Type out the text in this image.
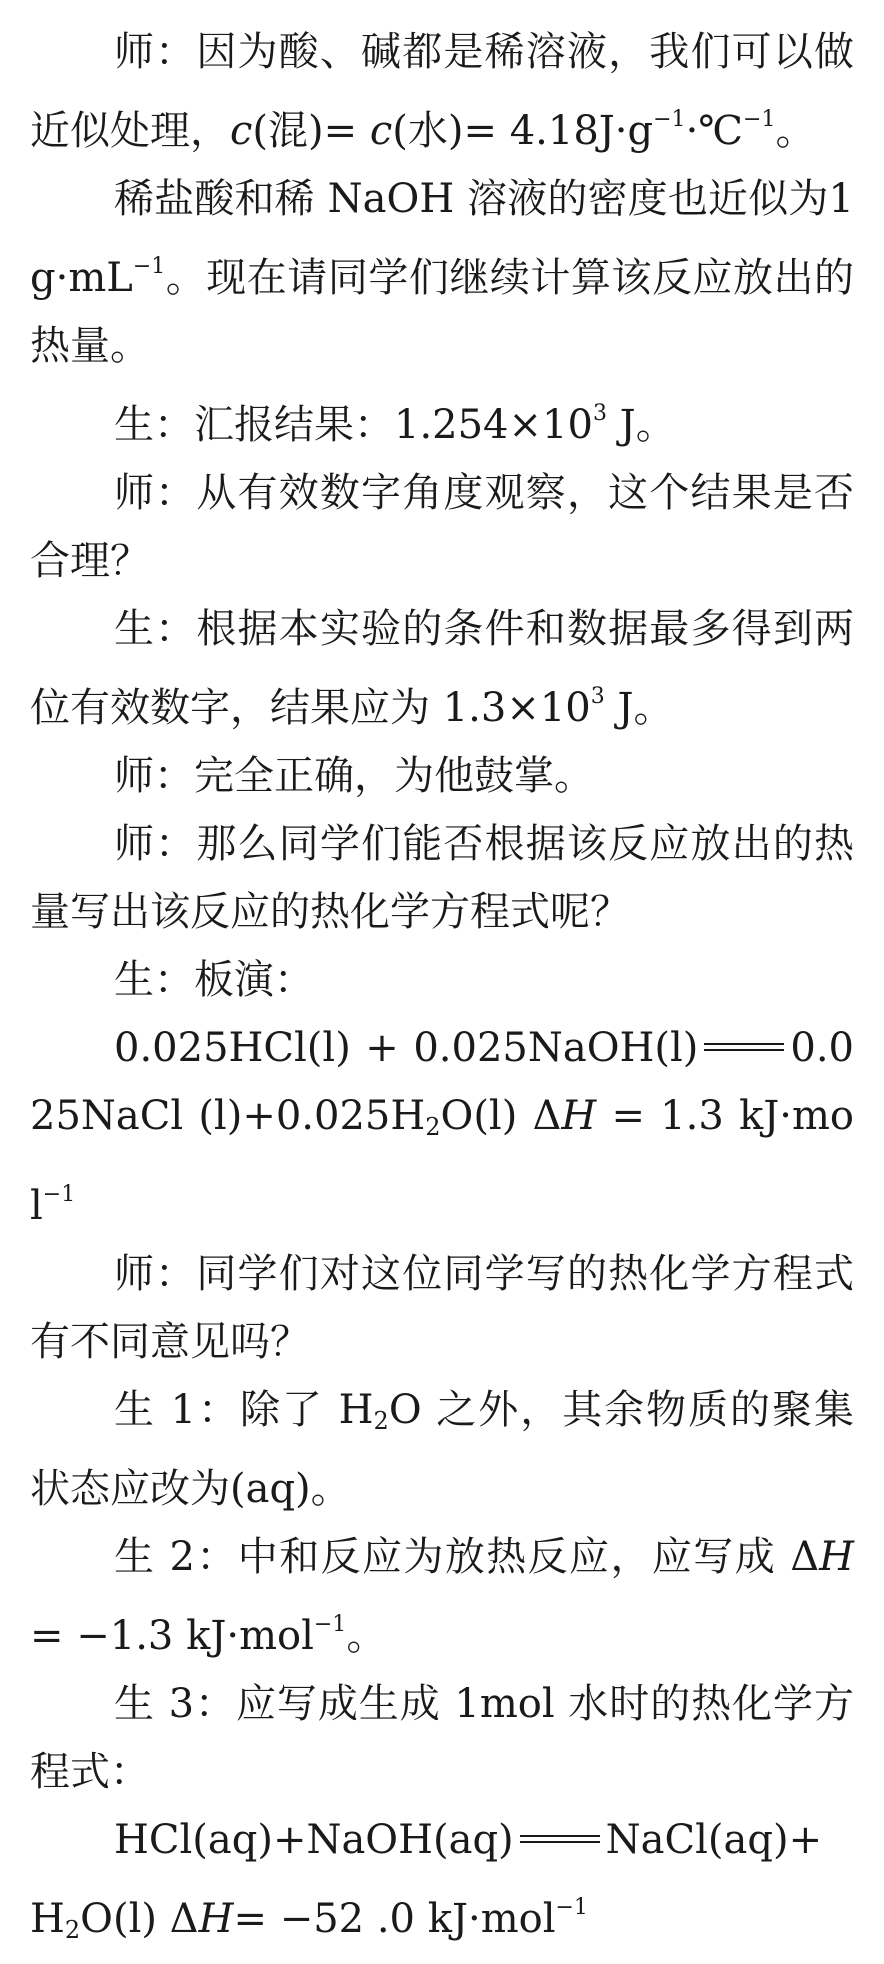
师：因为酸、碱都是稀溶液，我们可以做近似处理，c(混)= c(水)= $4.18J\cdot g^{-1}\cdot℃^{-1}$。

稀盐酸和稀 NaOH 溶液的密度也近似为$1g\cdot mL^{-1}$。现在请同学们继续计算该反应放出的热量。

生：汇报结果：$1.254\times 10^3$ J。

师：从有效数字角度观察，这个结果是否合理？

生：根据本实验的条件和数据最多得到两位有效数字，结果应为 $1.3\times 10^3$ J。

师：完全正确，为他鼓掌。

师：那么同学们能否根据该反应放出的热量写出该反应的热化学方程式呢？

生：板演：

0.025HCl(l) + 0.025NaOH(l) 0.025NaCl $(l)+0.025H_2O(l) \Delta H = 1.3$ kJ·mol$^{-1}$

师：同学们对这位同学写的热化学方程式有不同意见吗？

生 1：除了 $H_2O$ 之外，其余物质的聚集状态应改为(aq)。

生 2：中和反应为放热反应，应写成 ΔH = −1.3 kJ·mol$^{-1}$。

生 3：应写成生成 1mol 水时的热化学方程式：

HCl(aq)+NaOH(aq) $NaCl(aq)+H_2O(l)$ ΔH= −52 .0 kJ·mol$^{-1}$
